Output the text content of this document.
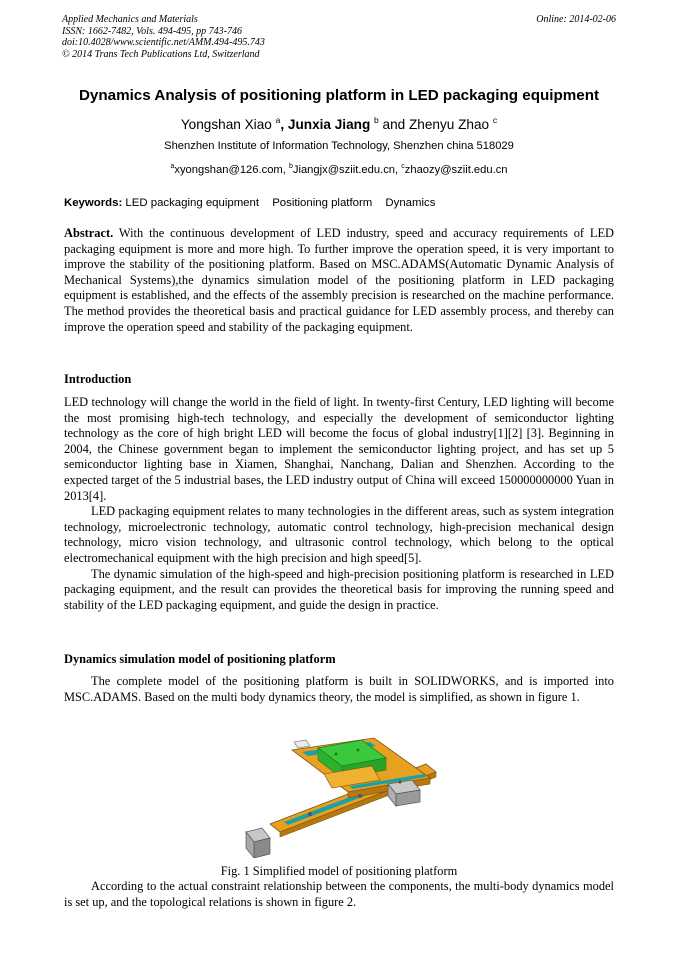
Applied Mechanics and Materials
ISSN: 1662-7482, Vols. 494-495, pp 743-746
doi:10.4028/www.scientific.net/AMM.494-495.743
© 2014 Trans Tech Publications Ltd, Switzerland
Online: 2014-02-06
Dynamics Analysis of positioning platform in LED packaging equipment
Yongshan Xiao $^a$, Junxia Jiang $^b$ and Zhenyu Zhao $^c$
Shenzhen Institute of Information Technology, Shenzhen china 518029
$^a$xyongshan@126.com, $^b$Jiangjx@sziit.edu.cn, $^c$zhaozy@sziit.edu.cn
Keywords: LED packaging equipment Positioning platform Dynamics
Abstract. With the continuous development of LED industry, speed and accuracy requirements of LED packaging equipment is more and more high. To further improve the operation speed, it is very important to improve the stability of the positioning platform. Based on MSC.ADAMS(Automatic Dynamic Analysis of Mechanical Systems),the dynamics simulation model of the positioning platform in LED packaging equipment is established, and the effects of the assembly precision is researched on the machine performance. The method provides the theoretical basis and practical guidance for LED assembly process, and thereby can improve the operation speed and stability of the packaging equipment.
Introduction

LED technology will change the world in the field of light. In twenty-first Century, LED lighting will become the most promising high-tech technology, and especially the development of semiconductor lighting technology as the core of high bright LED will become the focus of global industry[1][2] [3]. Beginning in 2004, the Chinese government began to implement the semiconductor lighting project, and has set up 5 semiconductor lighting base in Xiamen, Shanghai, Nanchang, Dalian and Shenzhen. According to the expected target of the 5 industrial bases, the LED industry output of China will exceed 150000000000 Yuan in 2013[4].

LED packaging equipment relates to many technologies in the different areas, such as system integration technology, microelectronic technology, automatic control technology, high-precision mechanical design technology, micro vision technology, and ultrasonic control technology, which belong to the optical electromechanical equipment with the high precision and high speed[5].

The dynamic simulation of the high-speed and high-precision positioning platform is researched in LED packaging equipment, and the result can provides the theoretical basis for improving the running speed and stability of the LED packaging equipment, and guide the design in practice.

Dynamics simulation model of positioning platform

The complete model of the positioning platform is built in SOLIDWORKS, and is imported into MSC.ADAMS. Based on the multi body dynamics theory, the model is simplified, as shown in figure 1.

Fig. 1 Simplified model of positioning platform

According to the actual constraint relationship between the components, the multi-body dynamics model is set up, and the topological relations is shown in figure 2.
